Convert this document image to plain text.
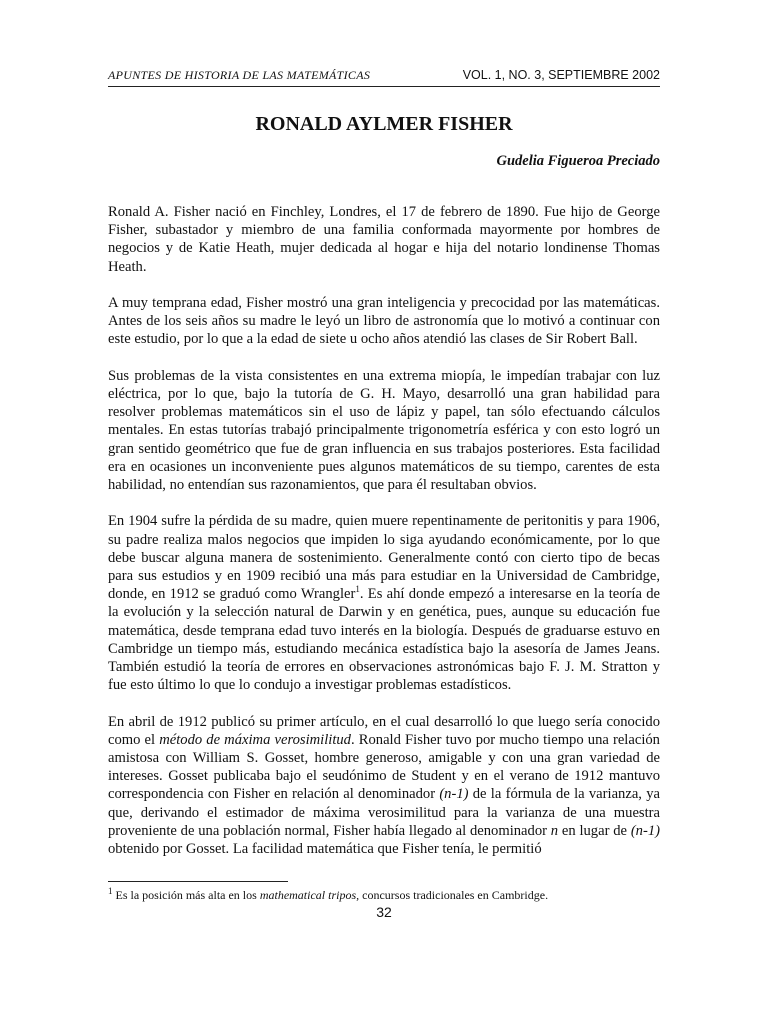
APUNTES DE HISTORIA DE LAS MATEMÁTICAS	VOL. 1, NO. 3, SEPTIEMBRE 2002
RONALD AYLMER FISHER
Gudelia Figueroa Preciado

Ronald A. Fisher nació en Finchley, Londres, el 17 de febrero de 1890. Fue hijo de George Fisher, subastador y miembro de una familia conformada mayormente por hombres de negocios y de Katie Heath, mujer dedicada al hogar e hija del notario londinense Thomas Heath.

A muy temprana edad, Fisher mostró una gran inteligencia y precocidad por las matemáticas. Antes de los seis años su madre le leyó un libro de astronomía que lo motivó a continuar con este estudio, por lo que a la edad de siete u ocho años atendió las clases de Sir Robert Ball.

Sus problemas de la vista consistentes en una extrema miopía, le impedían trabajar con luz eléctrica, por lo que, bajo la tutoría de G. H. Mayo, desarrolló una gran habilidad para resolver problemas matemáticos sin el uso de lápiz y papel, tan sólo efectuando cálculos mentales. En estas tutorías trabajó principalmente trigonometría esférica y con esto logró un gran sentido geométrico que fue de gran influencia en sus trabajos posteriores. Esta facilidad era en ocasiones un inconveniente pues algunos matemáticos de su tiempo, carentes de esta habilidad, no entendían sus razonamientos, que para él resultaban obvios.

En 1904 sufre la pérdida de su madre, quien muere repentinamente de peritonitis y para 1906, su padre realiza malos negocios que impiden lo siga ayudando económicamente, por lo que debe buscar alguna manera de sostenimiento. Generalmente contó con cierto tipo de becas para sus estudios y en 1909 recibió una más para estudiar en la Universidad de Cambridge, donde, en 1912 se graduó como Wrangler$^1$. Es ahí donde empezó a interesarse en la teoría de la evolución y la selección natural de Darwin y en genética, pues, aunque su educación fue matemática, desde temprana edad tuvo interés en la biología. Después de graduarse estuvo en Cambridge un tiempo más, estudiando mecánica estadística bajo la asesoría de James Jeans. También estudió la teoría de errores en observaciones astronómicas bajo F. J. M. Stratton y fue esto último lo que lo condujo a investigar problemas estadísticos.

En abril de 1912 publicó su primer artículo, en el cual desarrolló lo que luego sería conocido como el método de máxima verosimilitud. Ronald Fisher tuvo por mucho tiempo una relación amistosa con William S. Gosset, hombre generoso, amigable y con una gran variedad de intereses. Gosset publicaba bajo el seudónimo de Student y en el verano de 1912 mantuvo correspondencia con Fisher en relación al denominador (n-1) de la fórmula de la varianza, ya que, derivando el estimador de máxima verosimilitud para la varianza de una muestra proveniente de una población normal, Fisher había llegado al denominador n en lugar de (n-1) obtenido por Gosset. La facilidad matemática que Fisher tenía, le permitió

$^1$ Es la posición más alta en los mathematical tripos, concursos tradicionales en Cambridge.
32
